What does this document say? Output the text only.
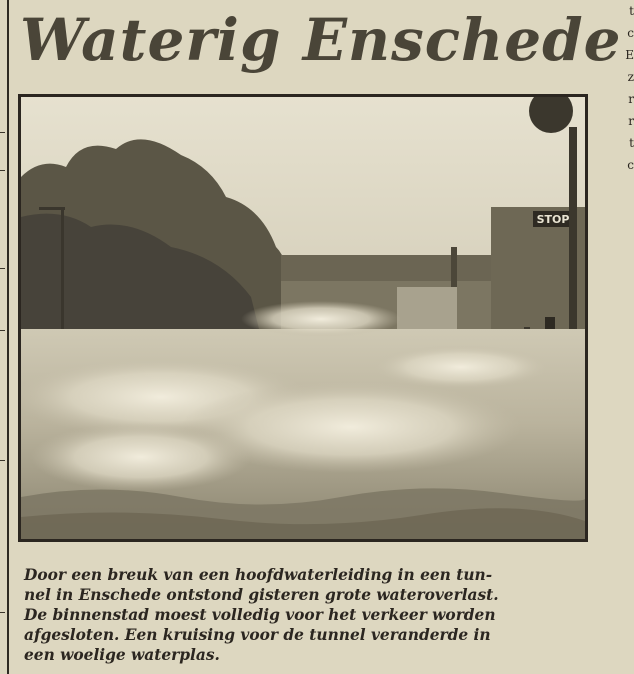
t
c
E
z
r
r
t
c
Waterig Enschede
STOP

Door een breuk van een hoofdwaterleiding in een tun-
nel in Enschede ontstond gisteren grote wateroverlast.
De binnenstad moest volledig voor het verkeer worden
afgesloten. Een kruising voor de tunnel veranderde in
een woelige waterplas.
